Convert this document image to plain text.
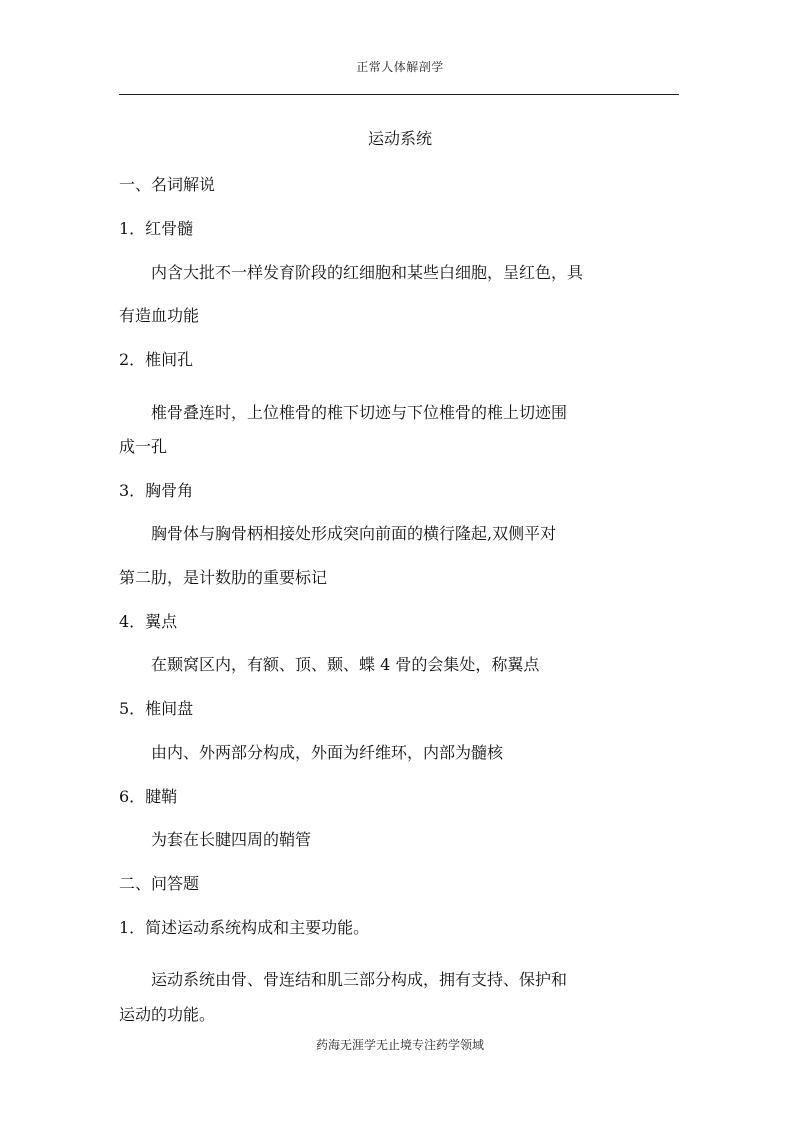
正常人体解剖学
运动系统
一、名词解说
1．红骨髓
内含大批不一样发育阶段的红细胞和某些白细胞，呈红色，具
有造血功能
2．椎间孔
椎骨叠连时，上位椎骨的椎下切迹与下位椎骨的椎上切迹围
成一孔
3．胸骨角
胸骨体与胸骨柄相接处形成突向前面的横行隆起,双侧平对
第二肋，是计数肋的重要标记
4．翼点
在颞窝区内，有额、顶、颞、蝶 4 骨的会集处，称翼点
5．椎间盘
由内、外两部分构成，外面为纤维环，内部为髓核
6．腱鞘
为套在长腱四周的鞘管
二、问答题
1．简述运动系统构成和主要功能。
运动系统由骨、骨连结和肌三部分构成，拥有支持、保护和
运动的功能。
药海无涯学无止境专注药学领域
